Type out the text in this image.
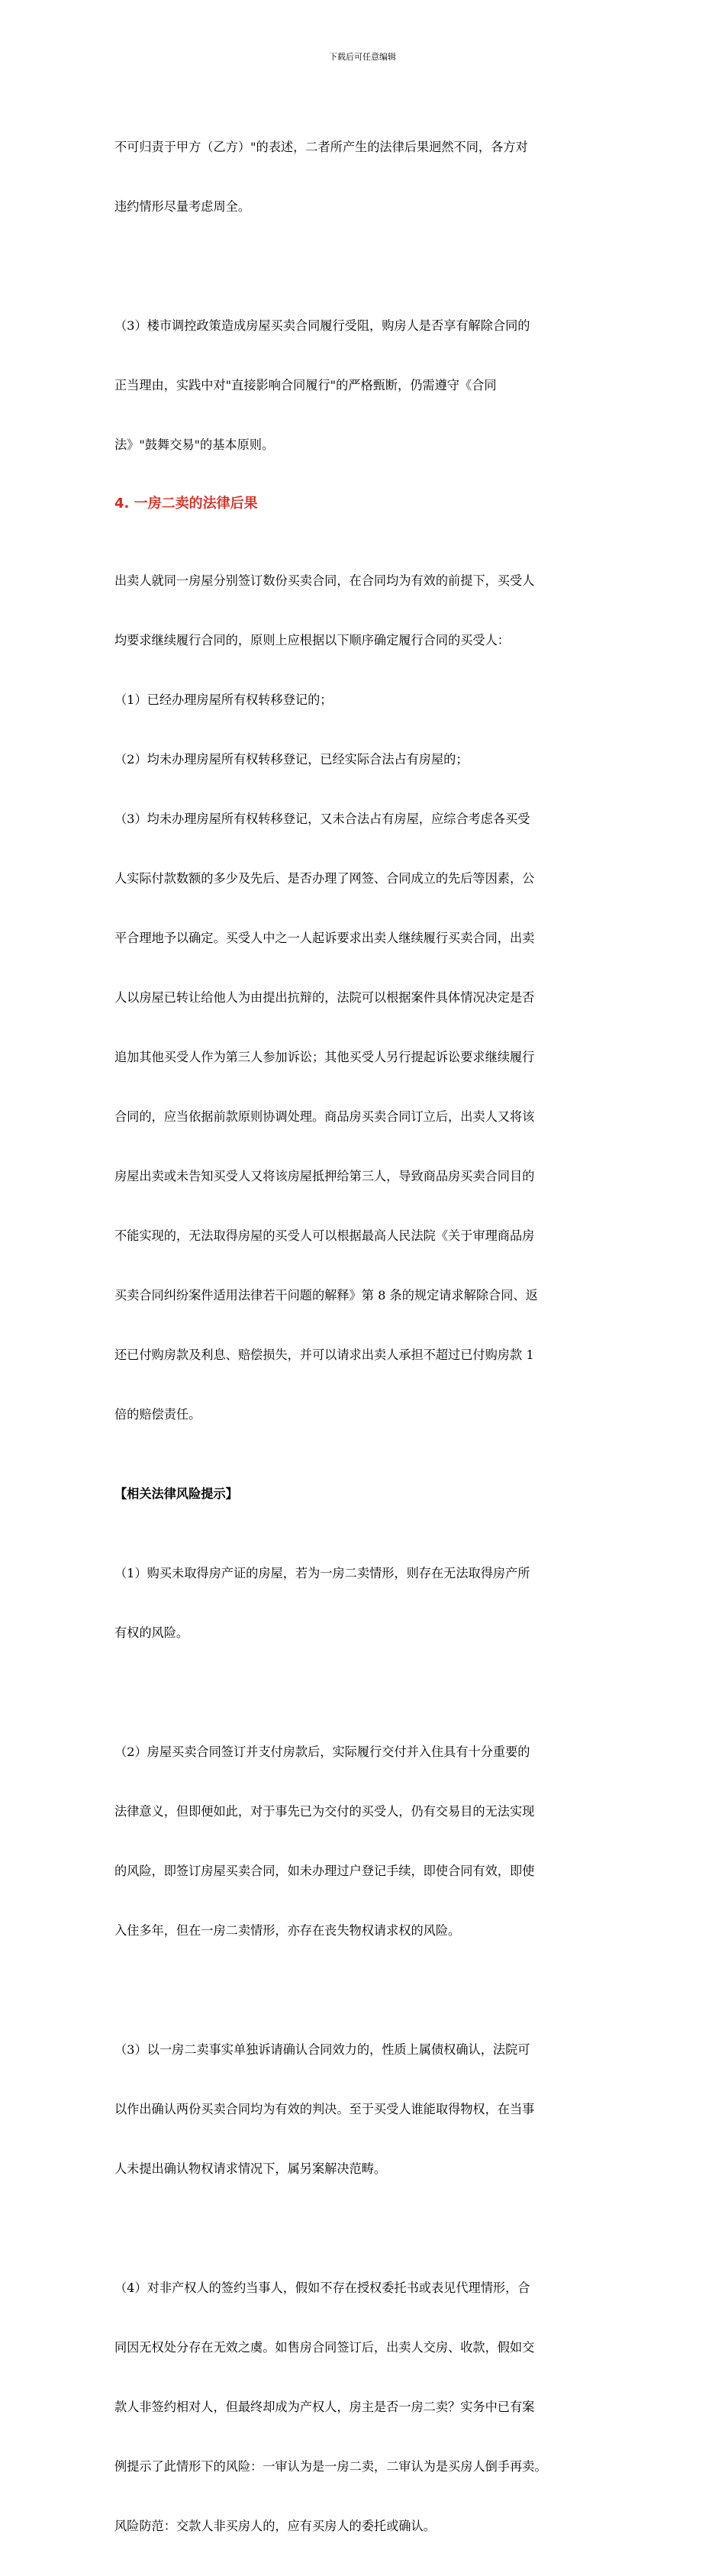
下载后可任意编辑

不可归责于甲方（乙方）"的表述，二者所产生的法律后果迥然不同，各方对

违约情形尽量考虑周全。

（3）楼市调控政策造成房屋买卖合同履行受阻，购房人是否享有解除合同的

正当理由，实践中对"直接影响合同履行"的严格甄断，仍需遵守《合同

法》"鼓舞交易"的基本原则。

4. 一房二卖的法律后果

出卖人就同一房屋分别签订数份买卖合同，在合同均为有效的前提下，买受人

均要求继续履行合同的，原则上应根据以下顺序确定履行合同的买受人：

（1）已经办理房屋所有权转移登记的；

（2）均未办理房屋所有权转移登记，已经实际合法占有房屋的；

（3）均未办理房屋所有权转移登记，又未合法占有房屋，应综合考虑各买受

人实际付款数额的多少及先后、是否办理了网签、合同成立的先后等因素，公

平合理地予以确定。买受人中之一人起诉要求出卖人继续履行买卖合同，出卖

人以房屋已转让给他人为由提出抗辩的，法院可以根据案件具体情况决定是否

追加其他买受人作为第三人参加诉讼；其他买受人另行提起诉讼要求继续履行

合同的，应当依据前款原则协调处理。商品房买卖合同订立后，出卖人又将该

房屋出卖或未告知买受人又将该房屋抵押给第三人，导致商品房买卖合同目的

不能实现的，无法取得房屋的买受人可以根据最高人民法院《关于审理商品房

买卖合同纠纷案件适用法律若干问题的解释》第 8 条的规定请求解除合同、返

还已付购房款及利息、赔偿损失，并可以请求出卖人承担不超过已付购房款 1

倍的赔偿责任。

【相关法律风险提示】

（1）购买未取得房产证的房屋，若为一房二卖情形，则存在无法取得房产所

有权的风险。

（2）房屋买卖合同签订并支付房款后，实际履行交付并入住具有十分重要的

法律意义，但即便如此，对于事先已为交付的买受人，仍有交易目的无法实现

的风险，即签订房屋买卖合同，如未办理过户登记手续，即使合同有效，即使

入住多年，但在一房二卖情形，亦存在丧失物权请求权的风险。

（3）以一房二卖事实单独诉请确认合同效力的，性质上属债权确认，法院可

以作出确认两份买卖合同均为有效的判决。至于买受人谁能取得物权，在当事

人未提出确认物权请求情况下，属另案解决范畴。

（4）对非产权人的签约当事人，假如不存在授权委托书或表见代理情形，合

同因无权处分存在无效之虞。如售房合同签订后，出卖人交房、收款，假如交

款人非签约相对人，但最终却成为产权人，房主是否一房二卖？实务中已有案

例提示了此情形下的风险：一审认为是一房二卖，二审认为是买房人倒手再卖。

风险防范：交款人非买房人的，应有买房人的委托或确认。
